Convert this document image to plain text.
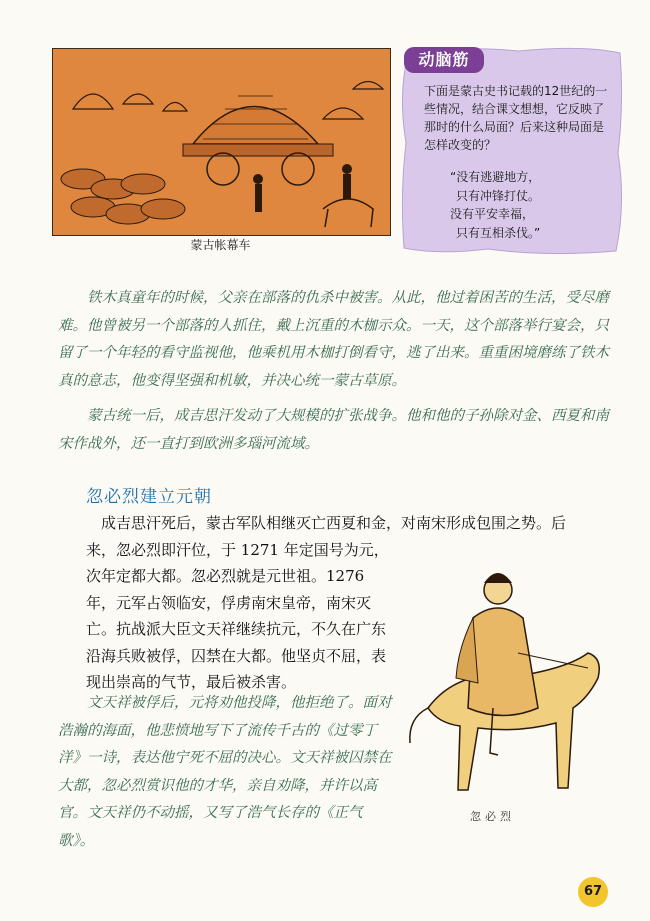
蒙古帐幕车
动脑筋

下面是蒙古史书记载的12世纪的一些情况，结合课文想想，它反映了那时的什么局面？后来这种局面是怎样改变的？

“没有逃避地方，
只有冲锋打仗。
没有平安幸福，
只有互相杀伐。”

铁木真童年的时候，父亲在部落的仇杀中被害。从此，他过着困苦的生活，受尽磨难。他曾被另一个部落的人抓住，戴上沉重的木枷示众。一天，这个部落举行宴会，只留了一个年轻的看守监视他，他乘机用木枷打倒看守，逃了出来。重重困境磨练了铁木真的意志，他变得坚强和机敏，并决心统一蒙古草原。

蒙古统一后，成吉思汗发动了大规模的扩张战争。他和他的子孙除对金、西夏和南宋作战外，还一直打到欧洲多瑙河流域。

忽必烈建立元朝
成吉思汗死后，蒙古军队相继灭亡西夏和金，对南宋形成包围之势。后
来，忽必烈即汗位，于 1271 年定国号为元，次年定都大都。忽必烈就是元世祖。1276 年，元军占领临安，俘虏南宋皇帝，南宋灭亡。抗战派大臣文天祥继续抗元，不久在广东沿海兵败被俘，囚禁在大都。他坚贞不屈，表现出崇高的气节，最后被杀害。

文天祥被俘后，元将劝他投降，他拒绝了。面对浩瀚的海面，他悲愤地写下了流传千古的《过零丁洋》一诗，表达他宁死不屈的决心。文天祥被囚禁在大都，忽必烈赏识他的才华，亲自劝降，并许以高官。文天祥仍不动摇，又写了浩气长存的《正气歌》。

忽必烈
67
